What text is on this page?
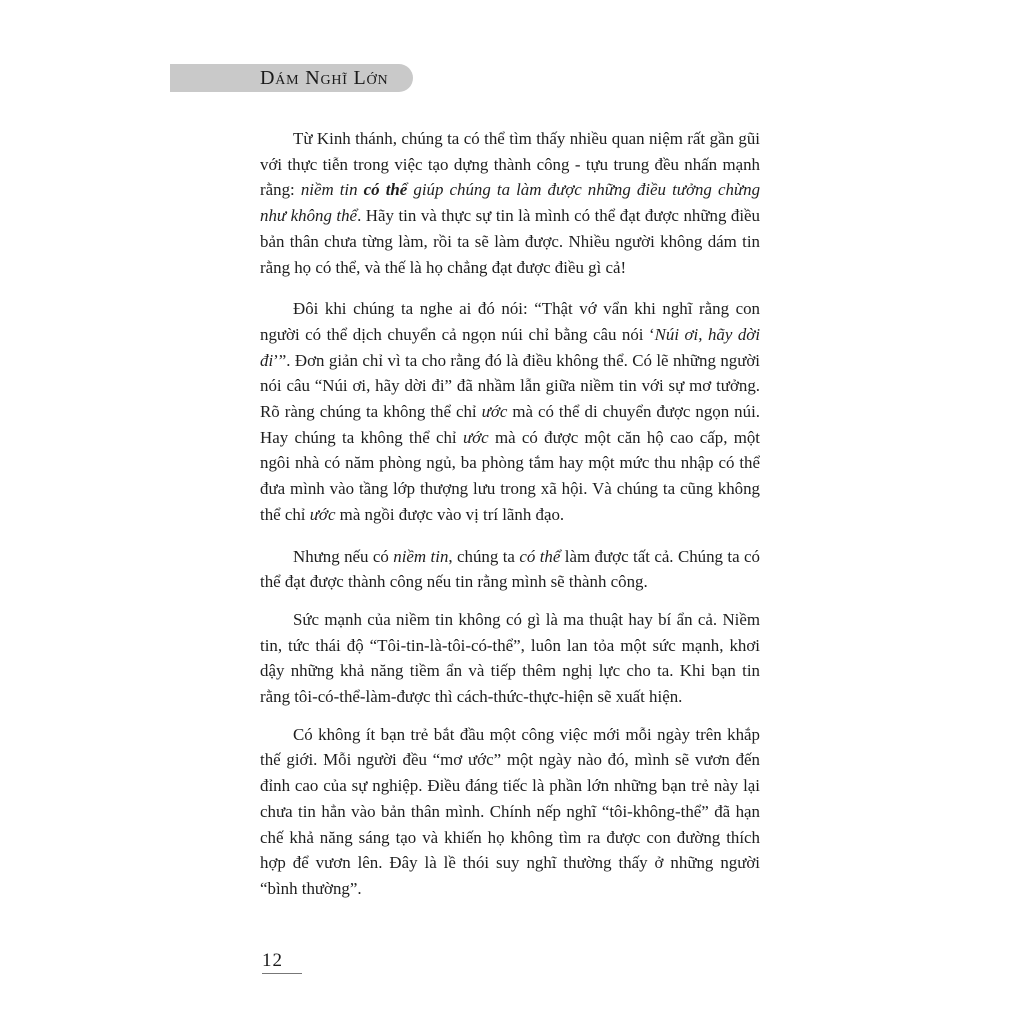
Dám Nghĩ Lớn

Từ Kinh thánh, chúng ta có thể tìm thấy nhiều quan niệm rất gần gũi với thực tiễn trong việc tạo dựng thành công - tựu trung đều nhấn mạnh rằng: niềm tin có thể giúp chúng ta làm được những điều tưởng chừng như không thể. Hãy tin và thực sự tin là mình có thể đạt được những điều bản thân chưa từng làm, rồi ta sẽ làm được. Nhiều người không dám tin rằng họ có thể, và thế là họ chẳng đạt được điều gì cả!

Đôi khi chúng ta nghe ai đó nói: “Thật vớ vẩn khi nghĩ rằng con người có thể dịch chuyển cả ngọn núi chỉ bằng câu nói ‘Núi ơi, hãy dời đi’”. Đơn giản chỉ vì ta cho rằng đó là điều không thể. Có lẽ những người nói câu “Núi ơi, hãy dời đi” đã nhầm lẫn giữa niềm tin với sự mơ tưởng. Rõ ràng chúng ta không thể chỉ ước mà có thể di chuyển được ngọn núi. Hay chúng ta không thể chỉ ước mà có được một căn hộ cao cấp, một ngôi nhà có năm phòng ngủ, ba phòng tắm hay một mức thu nhập có thể đưa mình vào tầng lớp thượng lưu trong xã hội. Và chúng ta cũng không thể chỉ ước mà ngồi được vào vị trí lãnh đạo.

Nhưng nếu có niềm tin, chúng ta có thể làm được tất cả. Chúng ta có thể đạt được thành công nếu tin rằng mình sẽ thành công.

Sức mạnh của niềm tin không có gì là ma thuật hay bí ẩn cả. Niềm tin, tức thái độ “Tôi-tin-là-tôi-có-thể”, luôn lan tỏa một sức mạnh, khơi dậy những khả năng tiềm ẩn và tiếp thêm nghị lực cho ta. Khi bạn tin rằng tôi-có-thể-làm-được thì cách-thức-thực-hiện sẽ xuất hiện.

Có không ít bạn trẻ bắt đầu một công việc mới mỗi ngày trên khắp thế giới. Mỗi người đều “mơ ước” một ngày nào đó, mình sẽ vươn đến đỉnh cao của sự nghiệp. Điều đáng tiếc là phần lớn những bạn trẻ này lại chưa tin hẳn vào bản thân mình. Chính nếp nghĩ “tôi-không-thể” đã hạn chế khả năng sáng tạo và khiến họ không tìm ra được con đường thích hợp để vươn lên. Đây là lề thói suy nghĩ thường thấy ở những người “bình thường”.

12
